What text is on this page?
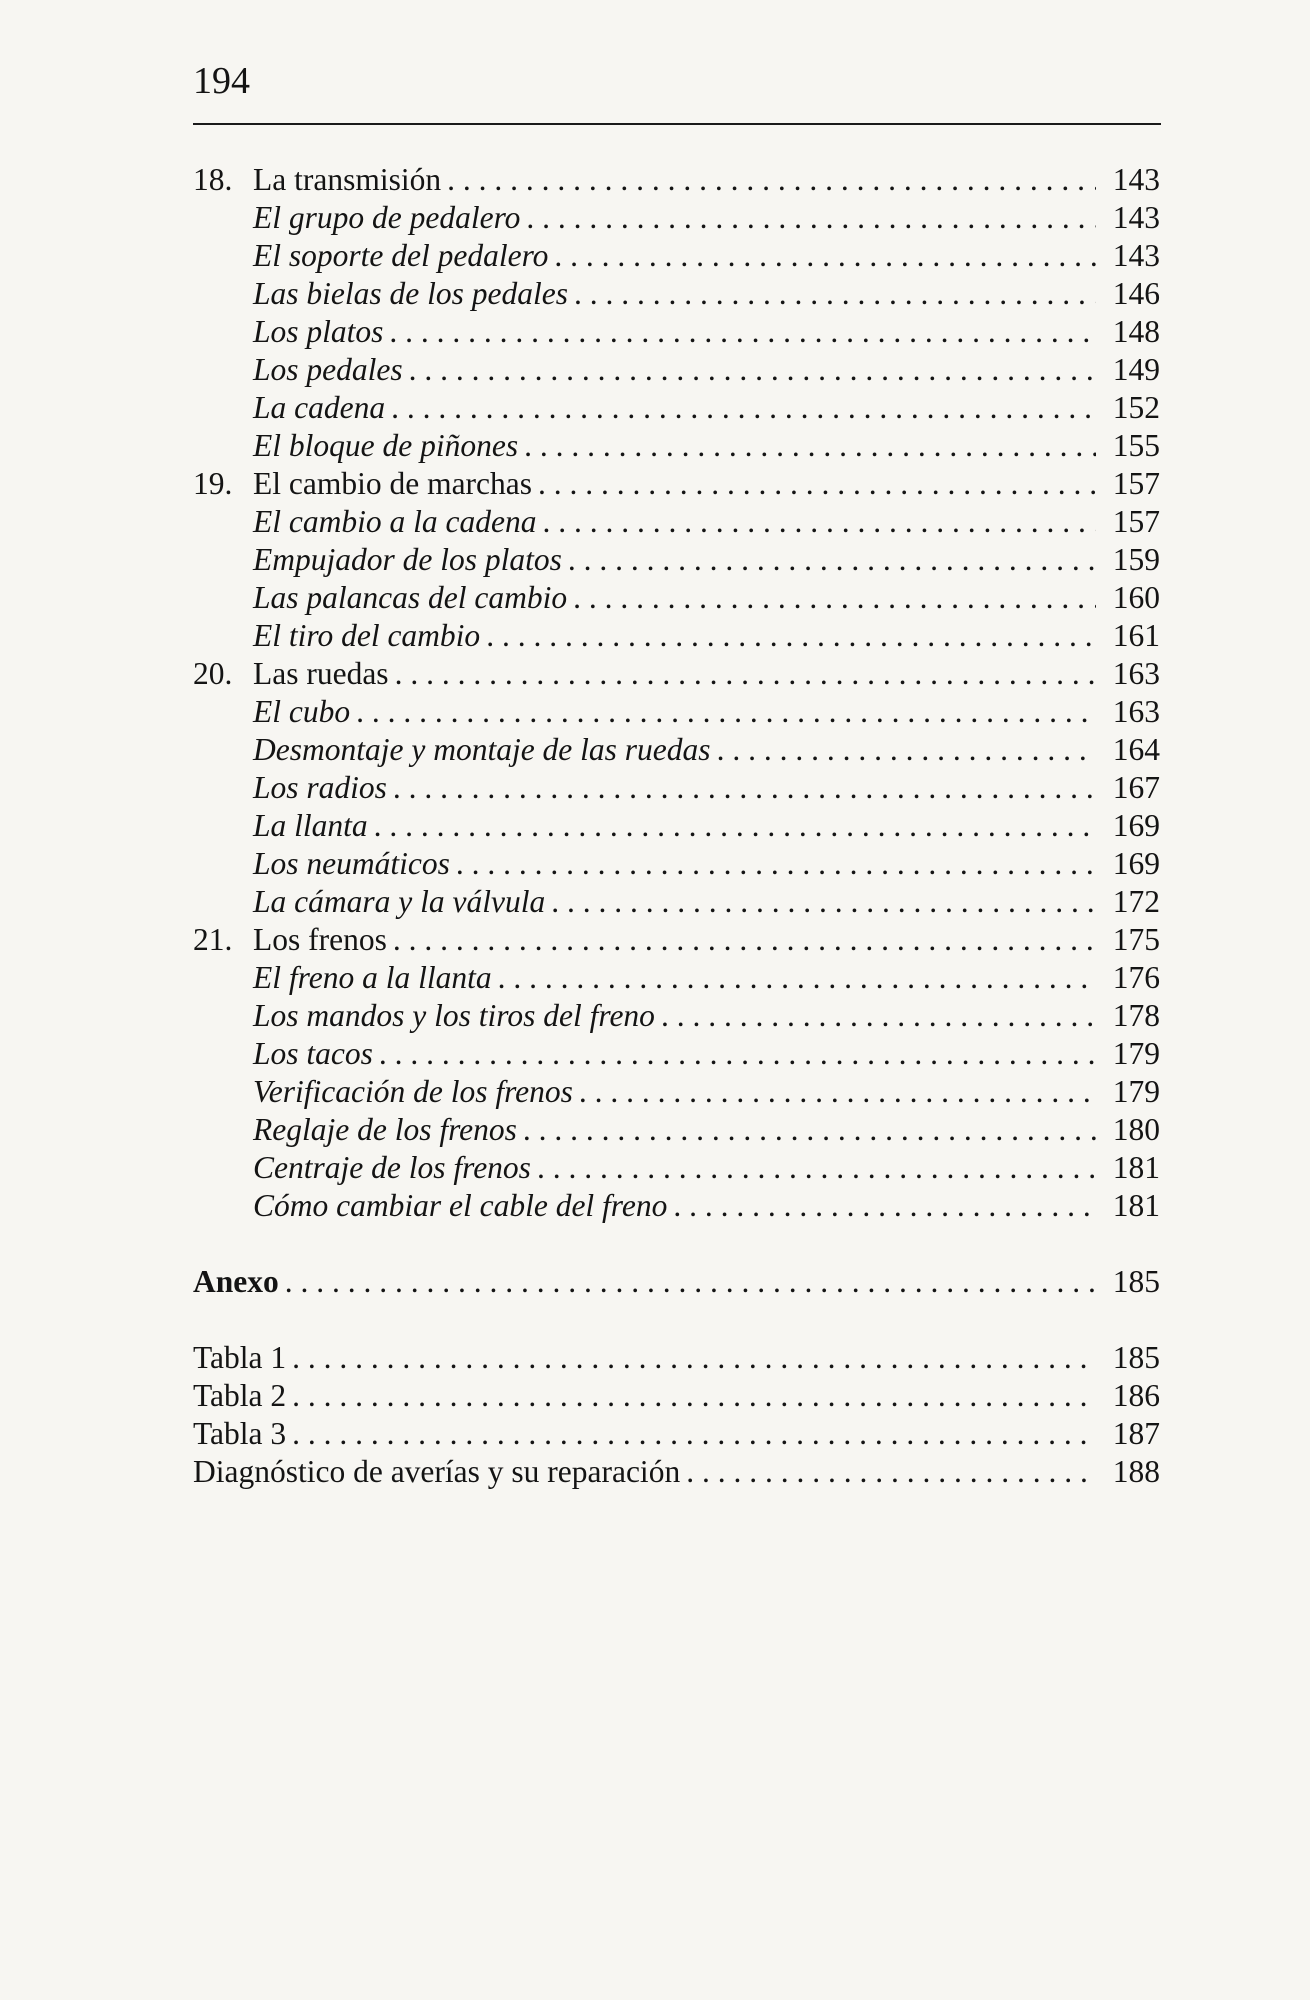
194
18. La transmisión . . .	143
El grupo de pedalero . . .	143
El soporte del pedalero . . .	143
Las bielas de los pedales . . .	146
Los platos . . .	148
Los pedales . . .	149
La cadena . . .	152
El bloque de piñones . . .	155
19. El cambio de marchas . . .	157
El cambio a la cadena . . .	157
Empujador de los platos . . .	159
Las palancas del cambio . . .	160
El tiro del cambio . . .	161
20. Las ruedas . . .	163
El cubo . . .	163
Desmontaje y montaje de las ruedas . . .	164
Los radios . . .	167
La llanta . . .	169
Los neumáticos . . .	169
La cámara y la válvula . . .	172
21. Los frenos . . .	175
El freno a la llanta . . .	176
Los mandos y los tiros del freno . . .	178
Los tacos . . .	179
Verificación de los frenos . . .	179
Reglaje de los frenos . . .	180
Centraje de los frenos . . .	181
Cómo cambiar el cable del freno . . .	181
Anexo . . .	185
Tabla 1 . . .	185
Tabla 2 . . .	186
Tabla 3 . . .	187
Diagnóstico de averías y su reparación . . .	188
